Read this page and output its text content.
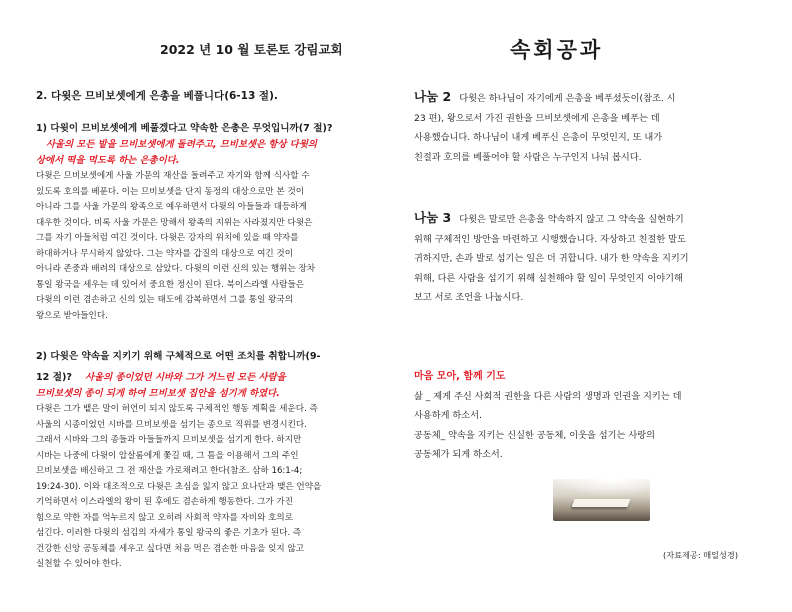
2022 년 10 월 토론토 강림교회	속회공과
2. 다윗은 므비보셋에게 은총을 베풉니다(6-13 절).
1) 다윗이 므비보셋에게 베풀겠다고 약속한 은총은 무엇입니까(7 절)?
사울의 모든 밭을 므비보셋에게 돌려주고, 므비보셋은 항상 다윗의
상에서 떡을 먹도록 하는 은총이다.

다윗은 므비보셋에게 사울 가문의 재산을 돌려주고 자기와 함께 식사할 수

있도록 호의를 베푼다. 이는 므비보셋을 단지 동정의 대상으로만 본 것이

아니라 그를 사울 가문의 왕족으로 예우하면서 다윗의 아들들과 대등하게

대우한 것이다. 비록 사울 가문은 망해서 왕족의 지위는 사라졌지만 다윗은

그를 자기 아들처럼 여긴 것이다. 다윗은 강자의 위치에 있을 때 약자를

하대하거나 무시하지 않았다. 그는 약자를 갑질의 대상으로 여긴 것이

아니라 존중과 배려의 대상으로 삼았다. 다윗의 이런 신의 있는 행위는 장차

통일 왕국을 세우는 데 있어서 중요한 정신이 된다. 북이스라엘 사람들은

다윗의 이런 겸손하고 신의 있는 태도에 감복하면서 그를 통일 왕국의

왕으로 받아들인다.

2) 다윗은 약속을 지키기 위해 구체적으로 어떤 조치를 취합니까(9-
12 절)? 사울의 종이었던 시바와 그가 거느린 모든 사람을
므비보셋의 종이 되게 하여 므비보셋 집안을 섬기게 하였다.

다윗은 그가 뱉은 말이 허언이 되지 않도록 구체적인 행동 계획을 세운다. 즉

사울의 시종이었던 시바를 므비보셋을 섬기는 종으로 직위를 변경시킨다.

그래서 시바와 그의 종들과 아들들까지 므비보셋을 섬기게 한다. 하지만

시바는 나중에 다윗이 압살롬에게 쫓길 때, 그 틈을 이용해서 그의 주인

므비보셋을 배신하고 그 전 재산을 가로채려고 한다(참조. 삼하 16:1-4;

19:24-30). 이와 대조적으로 다윗은 초심을 잃지 않고 요나단과 맺은 언약을

기억하면서 이스라엘의 왕이 된 후에도 겸손하게 행동한다. 그가 가진

힘으로 약한 자를 억누르지 않고 오히려 사회적 약자를 자비와 호의로

섬긴다. 이러한 다윗의 섬김의 자세가 통일 왕국의 좋은 기초가 된다. 즉

건강한 신앙 공동체를 세우고 싶다면 처음 먹은 겸손한 마음을 잊지 않고

실천할 수 있어야 한다.

나눔 2 다윗은 하나님이 자기에게 은총을 베푸셨듯이(참조. 시

23 편), 왕으로서 가진 권한을 므비보셋에게 은총을 베푸는 데

사용했습니다. 하나님이 내게 베푸신 은총이 무엇인지, 또 내가

친절과 호의를 베풀어야 할 사람은 누구인지 나눠 봅시다.

나눔 3 다윗은 말로만 은총을 약속하지 않고 그 약속을 실현하기

위해 구체적인 방안을 마련하고 시행했습니다. 자상하고 친절한 말도

귀하지만, 손과 발로 섬기는 일은 더 귀합니다. 내가 한 약속을 지키기

위해, 다른 사람을 섬기기 위해 실천해야 할 일이 무엇인지 이야기해

보고 서로 조언을 나눕시다.

마음 모아, 함께 기도

삶 _ 제게 주신 사회적 권한을 다른 사람의 생명과 인권을 지키는 데

사용하게 하소서.

공동체_ 약속을 지키는 신실한 공동체, 이웃을 섬기는 사랑의

공동체가 되게 하소서.

(자료제공: 매일성경)
